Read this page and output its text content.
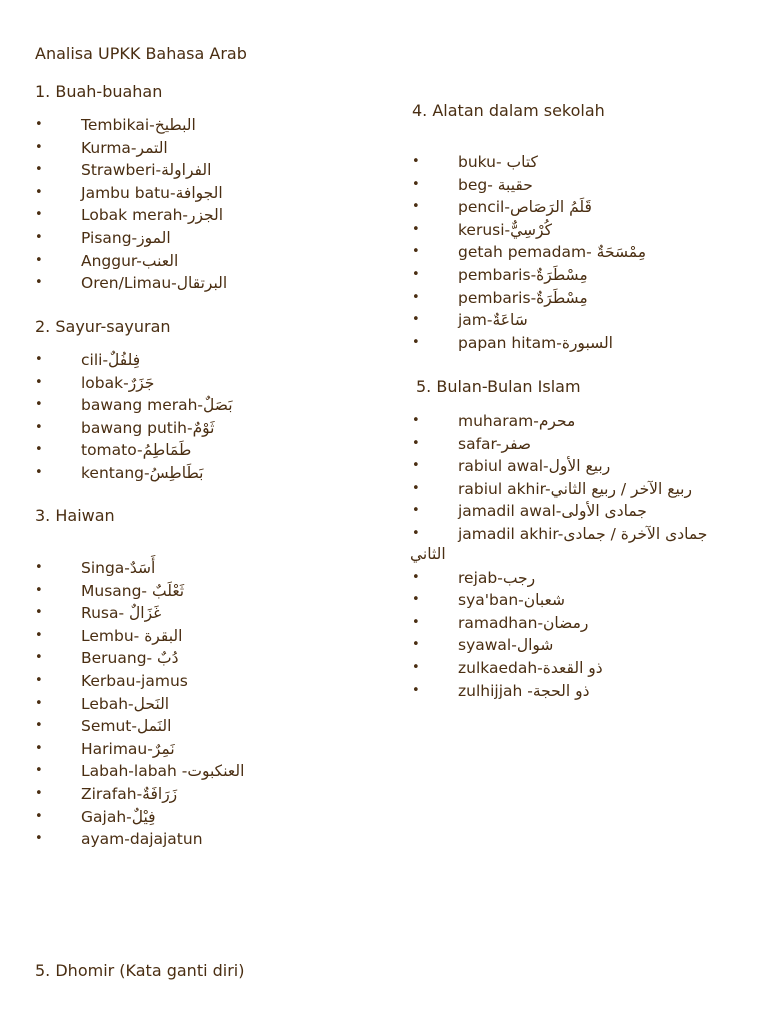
Analisa UPKK Bahasa Arab
1. Buah-buahan
• Tembikai-البطيخ
• Kurma-التمر
• Strawberi-الفراولة
• Jambu batu-الجوافة
• Lobak merah-الجزر
• Pisang-الموز
• Anggur-العنب
• Oren/Limau-البرتقال
2. Sayur-sayuran
• cili-فِلفُلٌ
• lobak-جَزَرٌ
• bawang merah-بَصَلٌ
• bawang putih-ثَوْمٌ
• tomato-طَمَاطِمُ
• kentang-بَطَاطِسُ
3. Haiwan
• Singa-أَسَدٌ
• Musang- ثَعْلَبٌ
• Rusa- غَزَالٌ
• Lembu- البقرة
• Beruang- دُبٌ
• Kerbau-jamus
• Lebah-النَحل
• Semut-النَمل
• Harimau-نَمِرٌ
• Labah-labah -العنكبوت
• Zirafah-زَرَافَةٌ
• Gajah-فِيْلٌ
• ayam-dajajatun
4. Alatan dalam sekolah
• buku- كتاب
• beg- حقيبة
• pencil-قَلَمُ الرَصَاص
• kerusi-كُرْسِيٌّ
• getah pemadam- مِمْسَحَةٌ
• pembaris-مِسْطَرَةٌ
• pembaris-مِسْطَرَةٌ
• jam-سَاعَةٌ
• papan hitam-السبورة
5. Bulan-Bulan Islam
• muharam-محرم
• safar-صفر
• rabiul awal-ربيع الأول
• rabiul akhir-ربيع الآخر / ربيع الثاني
• jamadil awal-جمادى الأولى
• jamadil akhir-جمادى الآخرة / جمادى
• rejab-رجب
• sya'ban-شعبان
• ramadhan-رمضان
• syawal-شوال
• zulkaedah-ذو القعدة
• zulhijjah -ذو الحجة
الثاني
5. Dhomir (Kata ganti diri)
